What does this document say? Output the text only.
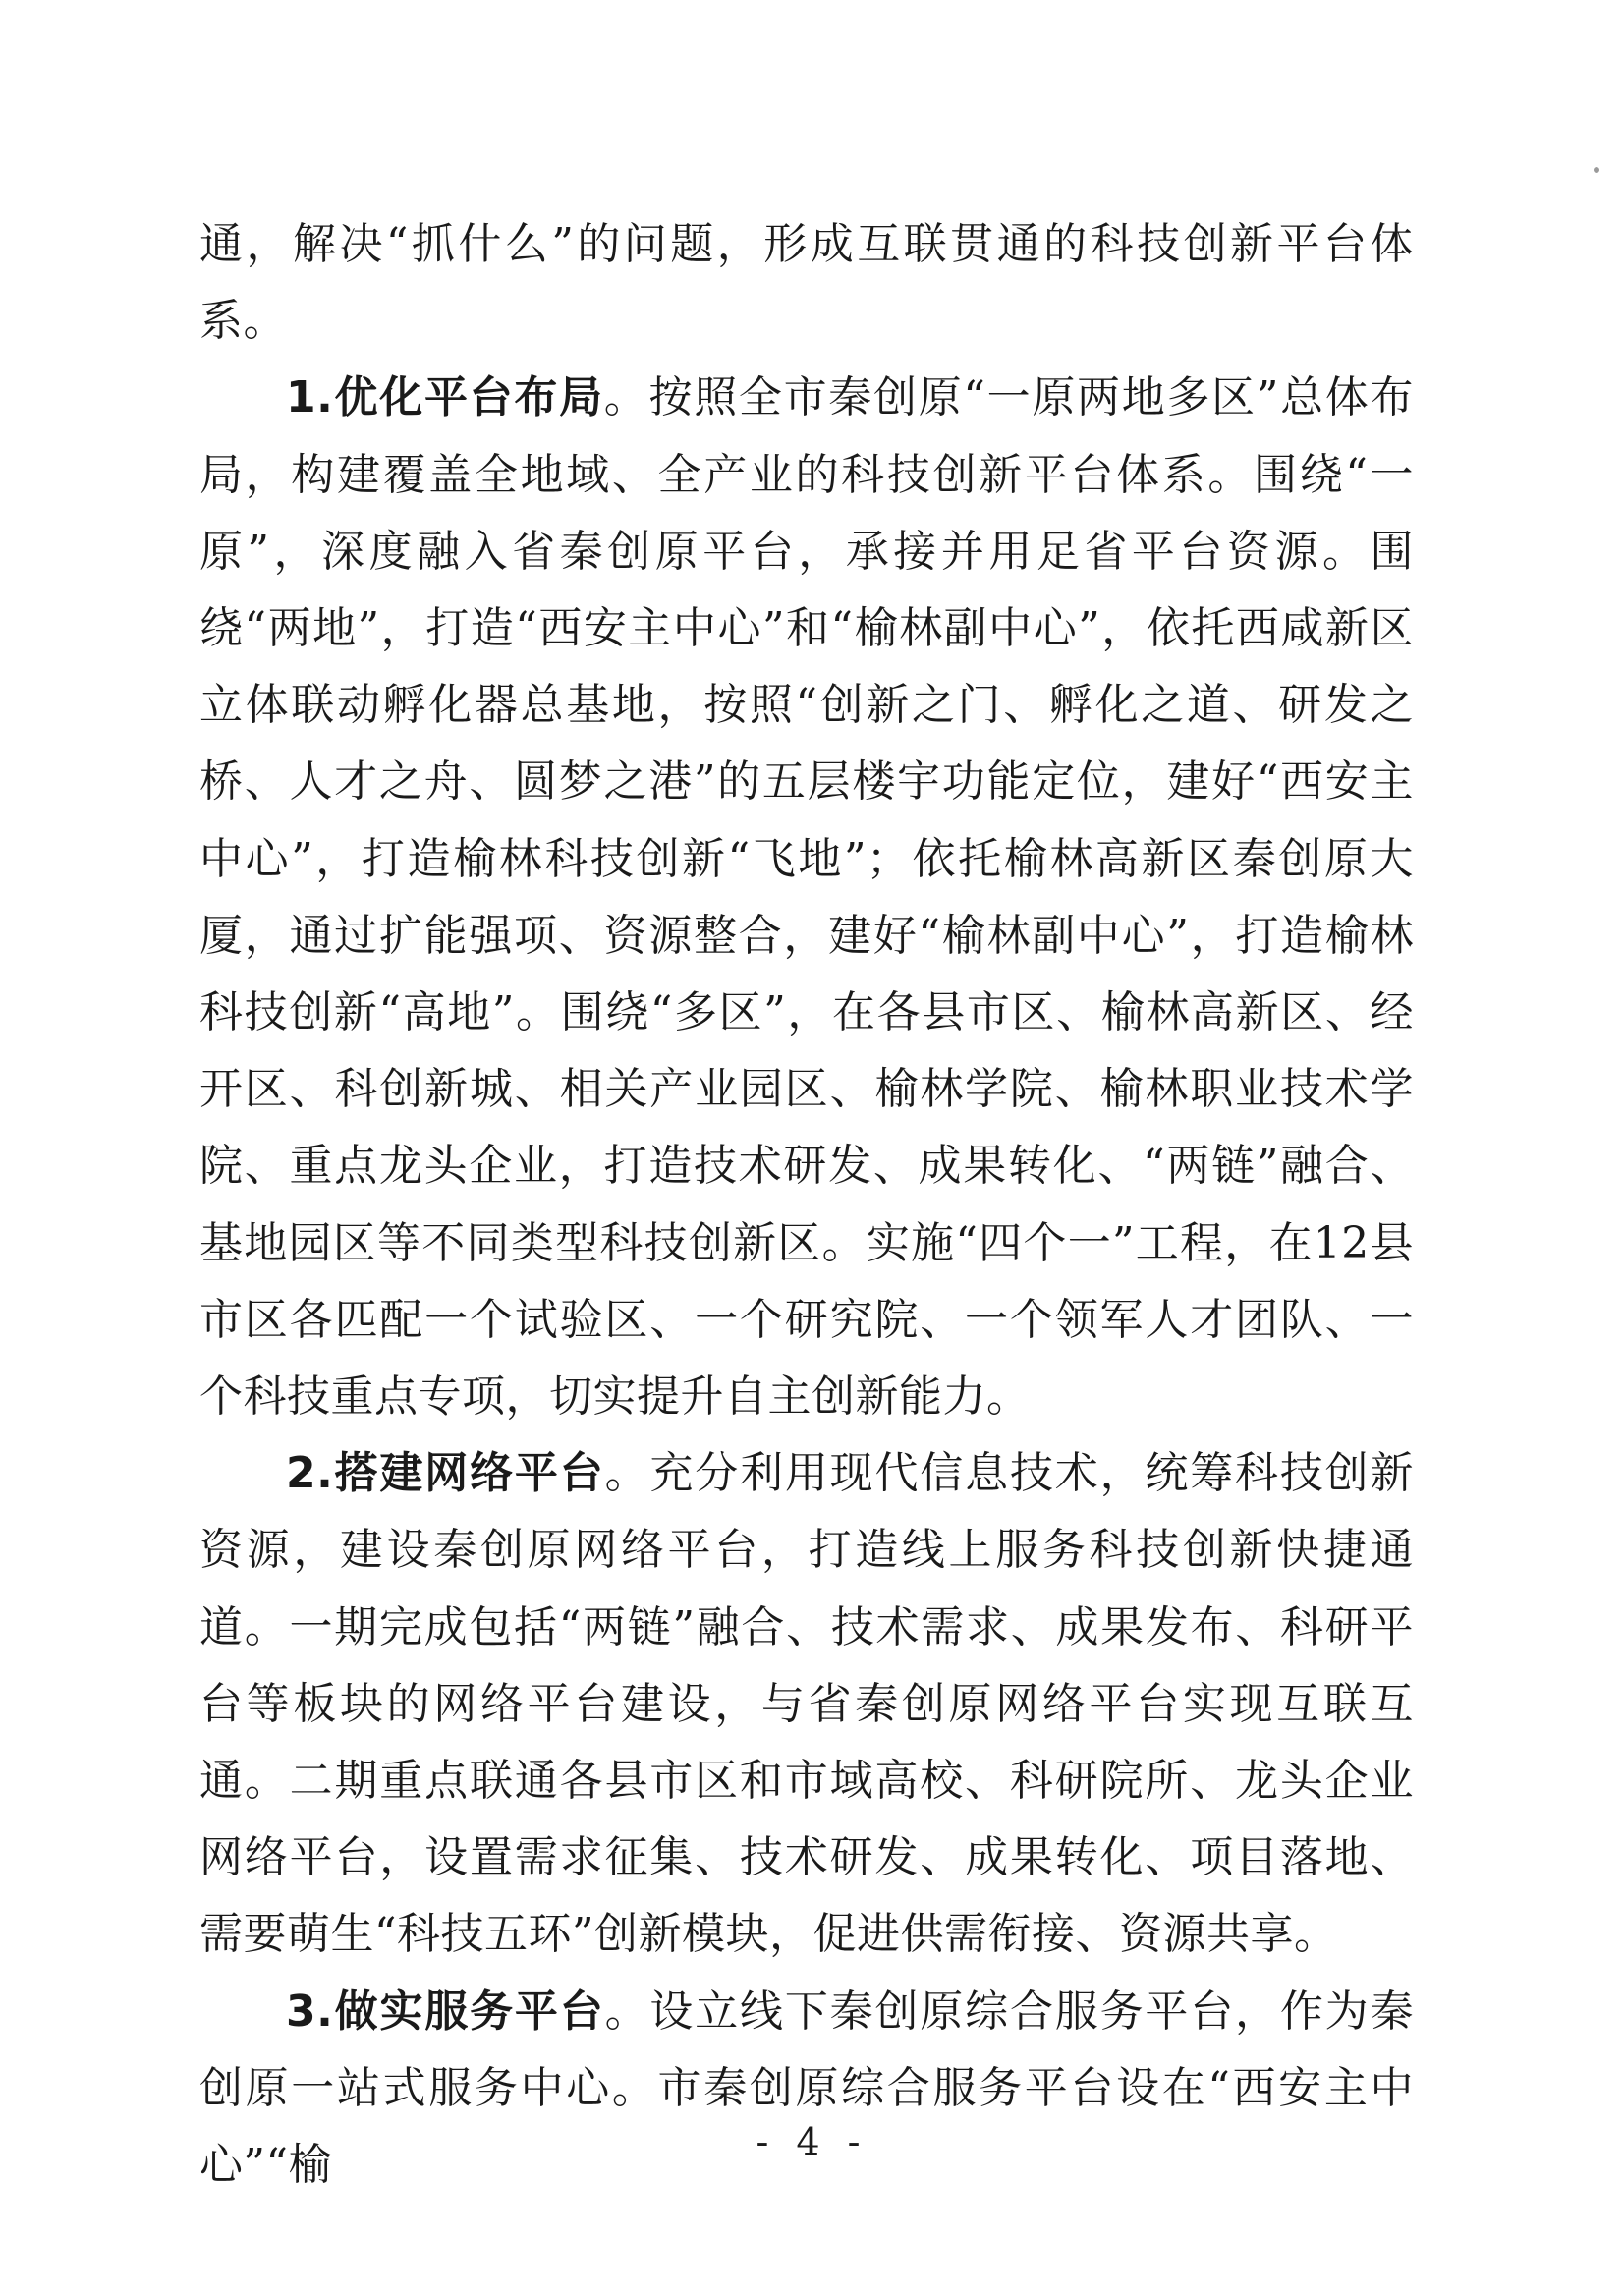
通，解决“抓什么”的问题，形成互联贯通的科技创新平台体系。

1.优化平台布局。按照全市秦创原“一原两地多区”总体布局，构建覆盖全地域、全产业的科技创新平台体系。围绕“一原”，深度融入省秦创原平台，承接并用足省平台资源。围绕“两地”，打造“西安主中心”和“榆林副中心”，依托西咸新区立体联动孵化器总基地，按照“创新之门、孵化之道、研发之桥、人才之舟、圆梦之港”的五层楼宇功能定位，建好“西安主中心”，打造榆林科技创新“飞地”；依托榆林高新区秦创原大厦，通过扩能强项、资源整合，建好“榆林副中心”，打造榆林科技创新“高地”。围绕“多区”，在各县市区、榆林高新区、经开区、科创新城、相关产业园区、榆林学院、榆林职业技术学院、重点龙头企业，打造技术研发、成果转化、“两链”融合、基地园区等不同类型科技创新区。实施“四个一”工程，在12县市区各匹配一个试验区、一个研究院、一个领军人才团队、一个科技重点专项，切实提升自主创新能力。

2.搭建网络平台。充分利用现代信息技术，统筹科技创新资源，建设秦创原网络平台，打造线上服务科技创新快捷通道。一期完成包括“两链”融合、技术需求、成果发布、科研平台等板块的网络平台建设，与省秦创原网络平台实现互联互通。二期重点联通各县市区和市域高校、科研院所、龙头企业网络平台，设置需求征集、技术研发、成果转化、项目落地、需要萌生“科技五环”创新模块，促进供需衔接、资源共享。

3.做实服务平台。设立线下秦创原综合服务平台，作为秦创原一站式服务中心。市秦创原综合服务平台设在“西安主中心”“榆	- 4 -
